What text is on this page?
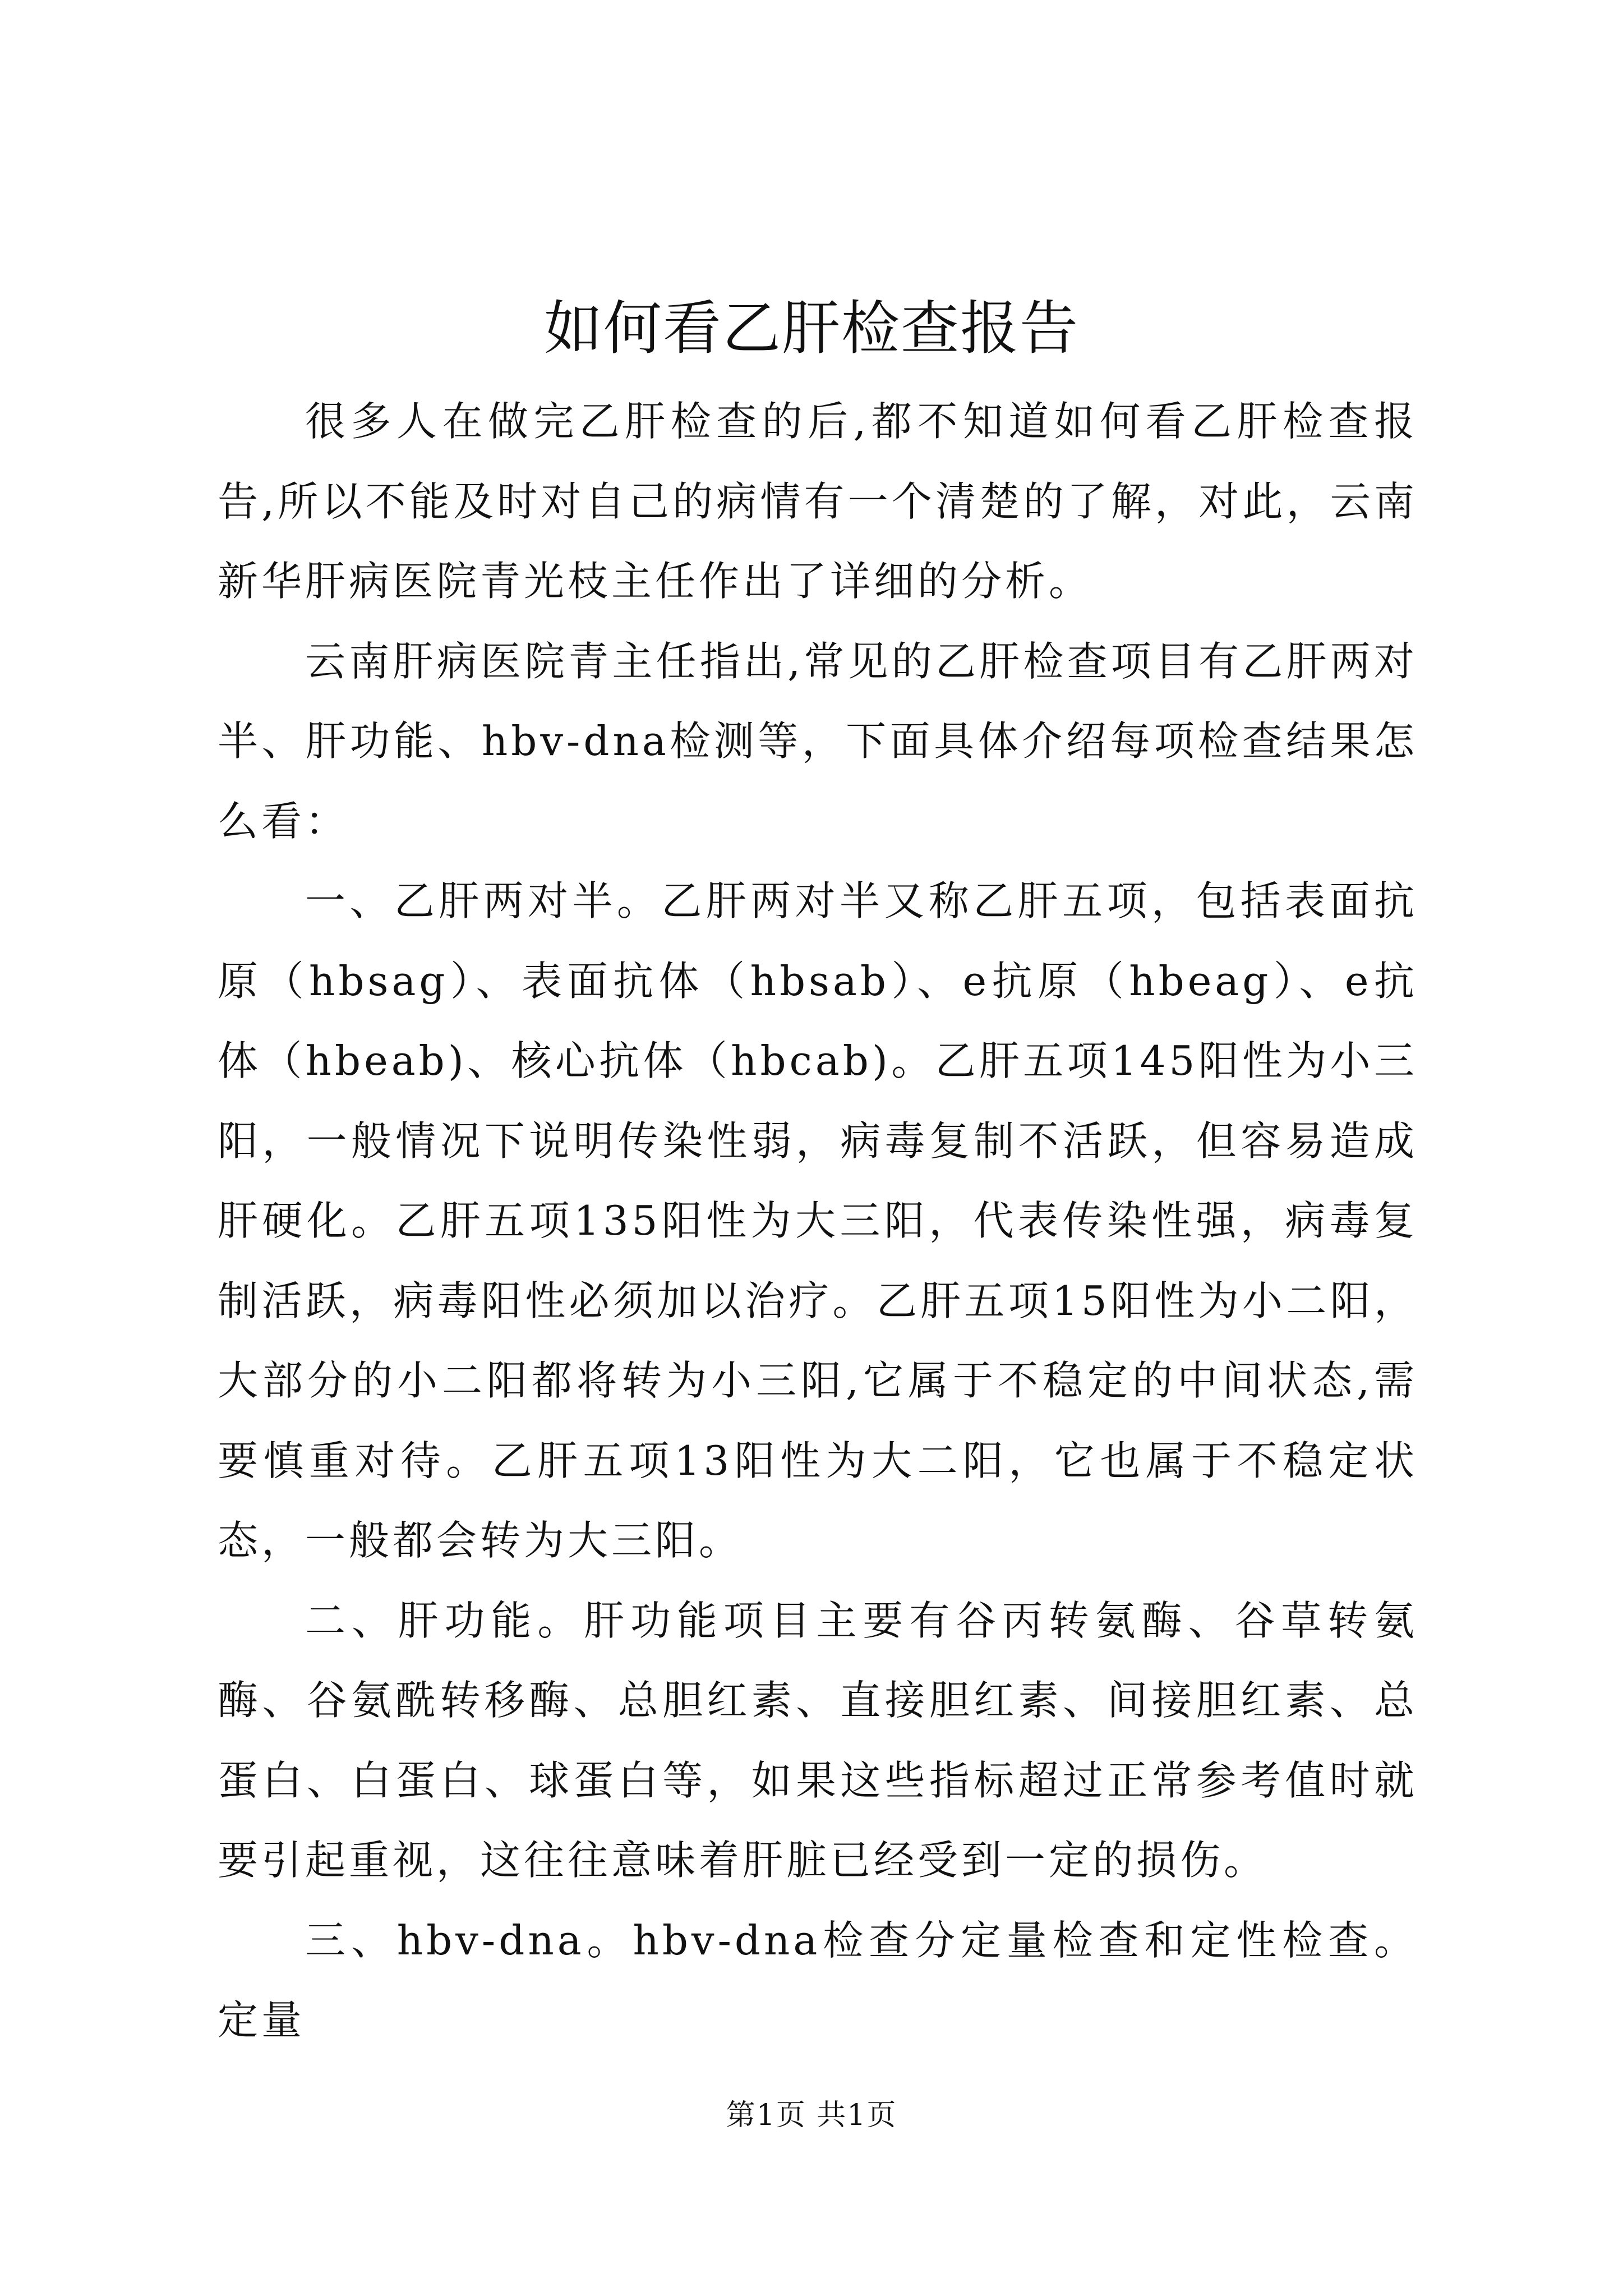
如何看乙肝检查报告

很多人在做完乙肝检查的后,都不知道如何看乙肝检查报告,所以不能及时对自己的病情有一个清楚的了解，对此，云南新华肝病医院青光枝主任作出了详细的分析。

云南肝病医院青主任指出,常见的乙肝检查项目有乙肝两对半、肝功能、hbv-dna检测等，下面具体介绍每项检查结果怎么看：

一、乙肝两对半。乙肝两对半又称乙肝五项，包括表面抗原（hbsag）、表面抗体（hbsab）、e抗原（hbeag）、e抗体（hbeab)、核心抗体（hbcab)。乙肝五项145阳性为小三阳，一般情况下说明传染性弱，病毒复制不活跃，但容易造成肝硬化。乙肝五项135阳性为大三阳，代表传染性强，病毒复制活跃，病毒阳性必须加以治疗。乙肝五项15阳性为小二阳，大部分的小二阳都将转为小三阳,它属于不稳定的中间状态,需要慎重对待。乙肝五项13阳性为大二阳，它也属于不稳定状态，一般都会转为大三阳。

二、肝功能。肝功能项目主要有谷丙转氨酶、谷草转氨酶、谷氨酰转移酶、总胆红素、直接胆红素、间接胆红素、总蛋白、白蛋白、球蛋白等，如果这些指标超过正常参考值时就要引起重视，这往往意味着肝脏已经受到一定的损伤。

三、hbv-dna。hbv-dna检查分定量检查和定性检查。定量

第1页 共1页
